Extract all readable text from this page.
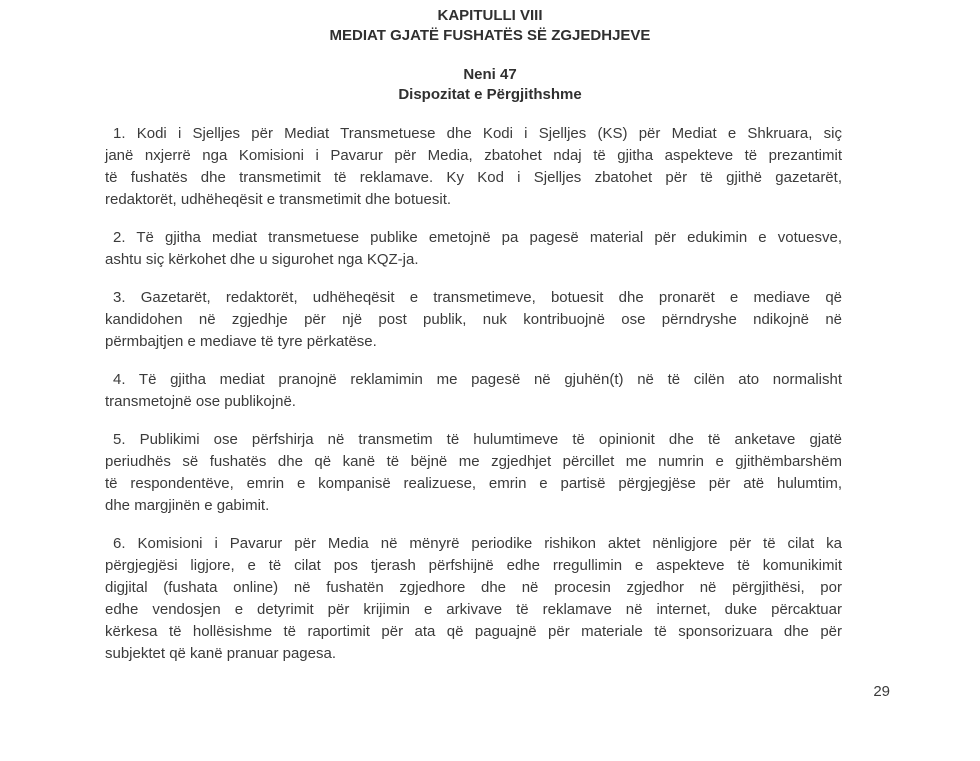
KAPITULLI VIII
MEDIAT GJATË FUSHATËS SË ZGJEDHJEVE
Neni 47
Dispozitat e Përgjithshme
1. Kodi i Sjelljes për Mediat Transmetuese dhe Kodi i Sjelljes (KS) për Mediat e Shkruara, siç
janë nxjerrë nga Komisioni i Pavarur për Media, zbatohet ndaj të gjitha aspekteve të prezantimit
të fushatës dhe transmetimit të reklamave. Ky Kod i Sjelljes zbatohet për të gjithë gazetarët,
redaktorët, udhëheqësit e transmetimit dhe botuesit.
2. Të gjitha mediat transmetuese publike emetojnë pa pagesë material për edukimin e votuesve,
ashtu siç kërkohet dhe u sigurohet nga KQZ-ja.
3. Gazetarët, redaktorët, udhëheqësit e transmetimeve, botuesit dhe pronarët e mediave që
kandidohen në zgjedhje për një post publik, nuk kontribuojnë ose përndryshe ndikojnë në
përmbajtjen e mediave të tyre përkatëse.
4. Të gjitha mediat pranojnë reklamimin me pagesë në gjuhën(t) në të cilën ato normalisht
transmetojnë ose publikojnë.
5. Publikimi ose përfshirja në transmetim të hulumtimeve të opinionit dhe të anketave gjatë
periudhës së fushatës dhe që kanë të bëjnë me zgjedhjet përcillet me numrin e gjithëmbarshëm
të respondentëve, emrin e kompanisë realizuese, emrin e partisë përgjegjëse për atë hulumtim,
dhe margjinën e gabimit.
6. Komisioni i Pavarur për Media në mënyrë periodike rishikon aktet nënligjore për të cilat ka
përgjegjësi ligjore, e të cilat pos tjerash përfshijnë edhe rregullimin e aspekteve të komunikimit
digjital (fushata online) në fushatën zgjedhore dhe në procesin zgjedhor në përgjithësi, por
edhe vendosjen e detyrimit për krijimin e arkivave të reklamave në internet, duke përcaktuar
kërkesa të hollësishme të raportimit për ata që paguajnë për materiale të sponsorizuara dhe për
subjektet që kanë pranuar pagesa.
29
